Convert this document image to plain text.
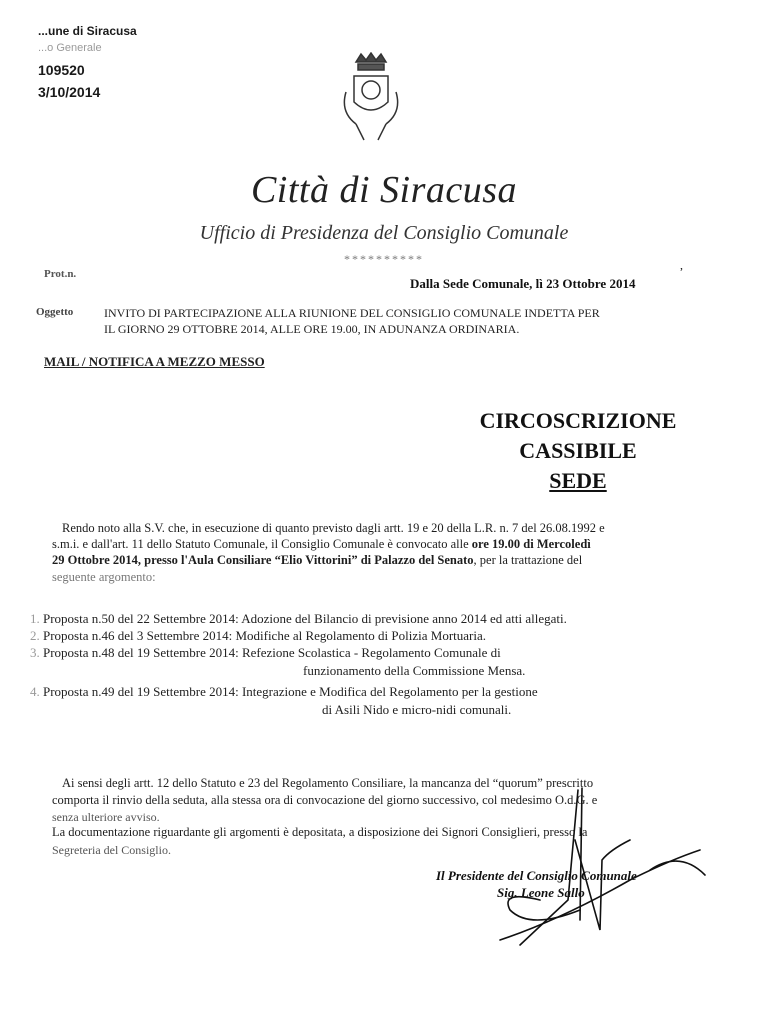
...une di Siracusa
...o Generale
109520
3/10/2014
Città di Siracusa
Ufficio di Presidenza del Consiglio Comunale
**********
Prot.n.
,
Dalla Sede Comunale, lì 23 Ottobre 2014
Oggetto	INVITO DI PARTECIPAZIONE ALLA RIUNIONE DEL CONSIGLIO COMUNALE INDETTA PER
IL GIORNO 29 OTTOBRE 2014, ALLE ORE 19.00, IN ADUNANZA ORDINARIA.
MAIL / NOTIFICA A MEZZO MESSO
CIRCOSCRIZIONE
CASSIBILE
SEDE
Rendo noto alla S.V. che, in esecuzione di quanto previsto dagli artt. 19 e 20 della L.R. n. 7 del 26.08.1992 e
s.m.i. e dall'art. 11 dello Statuto Comunale, il Consiglio Comunale è convocato alle ore 19.00 di Mercoledì
29 Ottobre 2014, presso l'Aula Consiliare “Elio Vittorini” di Palazzo del Senato, per la trattazione del
seguente argomento:
1. Proposta n.50 del 22 Settembre 2014: Adozione del Bilancio di previsione anno 2014 ed atti allegati.
2. Proposta n.46 del 3 Settembre 2014: Modifiche al Regolamento di Polizia Mortuaria.
3. Proposta n.48 del 19 Settembre 2014: Refezione Scolastica - Regolamento Comunale di
funzionamento della Commissione Mensa.
4. Proposta n.49 del 19 Settembre 2014: Integrazione e Modifica del Regolamento per la gestione
di Asili Nido e micro-nidi comunali.
Ai sensi degli artt. 12 dello Statuto e 23 del Regolamento Consiliare, la mancanza del “quorum” prescritto
comporta il rinvio della seduta, alla stessa ora di convocazione del giorno successivo, col medesimo O.d.G. e
senza ulteriore avviso.
La documentazione riguardante gli argomenti è depositata, a disposizione dei Signori Consiglieri, presso la
Segreteria del Consiglio.
Il Presidente del Consiglio Comunale
Sig. Leone Sallo
